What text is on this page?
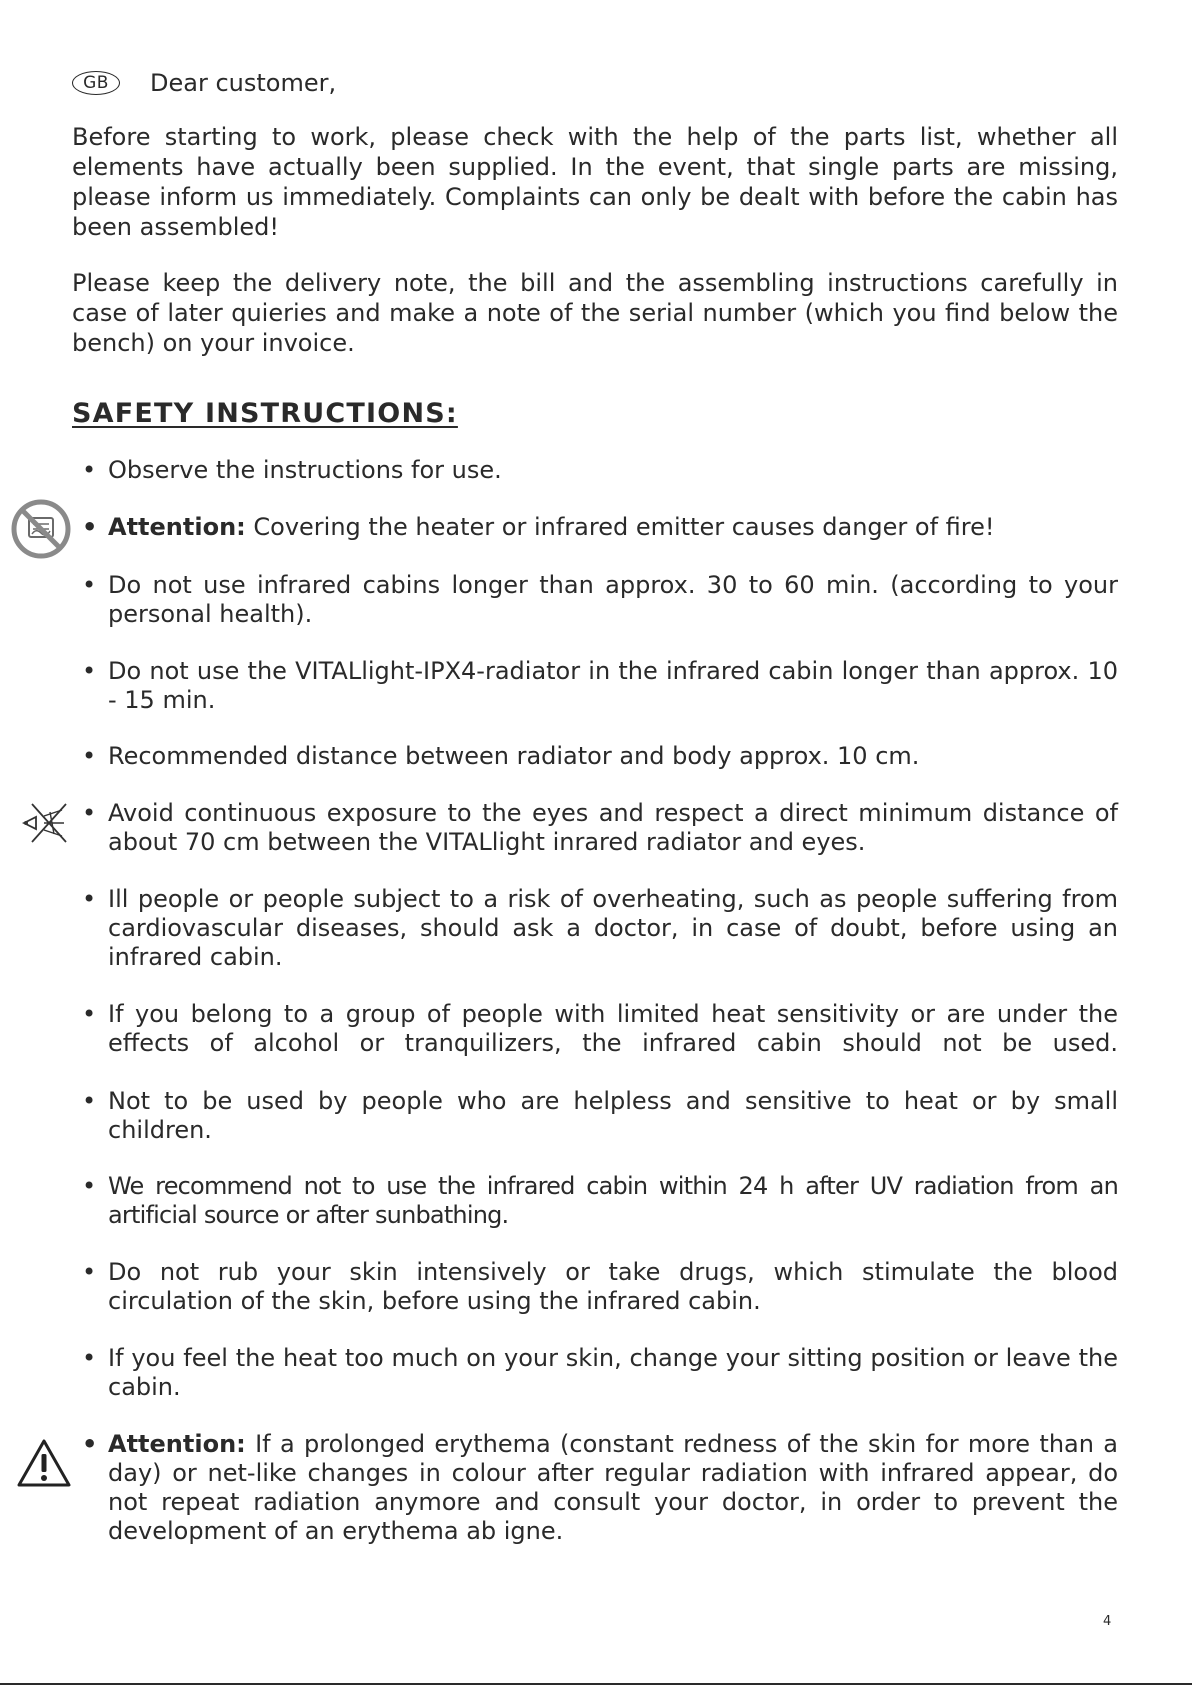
GB	Dear customer,

Before starting to work, please check with the help of the parts list, whether all elements have actually been supplied. In the event, that single parts are missing, please inform us immediately. Complaints can only be dealt with before the cabin has been assembled!

Please keep the delivery note, the bill and the assembling instructions carefully in case of later quieries and make a note of the serial number (which you find below the bench) on your invoice.

SAFETY INSTRUCTIONS:
• Observe the instructions for use.
• Attention: Covering the heater or infrared emitter causes danger of fire!
• Do not use infrared cabins longer than approx. 30 to 60 min. (according to your personal health).
• Do not use the VITALlight-IPX4-radiator in the infrared cabin longer than approx. 10 - 15 min.
• Recommended distance between radiator and body approx. 10 cm.
• Avoid continuous exposure to the eyes and respect a direct minimum distance of about 70 cm between the VITALlight inrared radiator and eyes.
• Ill people or people subject to a risk of overheating, such as people suffering from cardiovascular diseases, should ask a doctor, in case of doubt, before using an infrared cabin.
• If you belong to a group of people with limited heat sensitivity or are under the effects of alcohol or tranquilizers, the infrared cabin should not be used.
• Not to be used by people who are helpless and sensitive to heat or by small children.
• We recommend not to use the infrared cabin within 24 h after UV radiation from an artificial source or after sunbathing.
• Do not rub your skin intensively or take drugs, which stimulate the blood circulation of the skin, before using the infrared cabin.
• If you feel the heat too much on your skin, change your sitting position or leave the cabin.
• Attention: If a prolonged erythema (constant redness of the skin for more than a day) or net-like changes in colour after regular radiation with infrared appear, do not repeat radiation anymore and consult your doctor, in order to prevent the development of an erythema ab igne.
4
